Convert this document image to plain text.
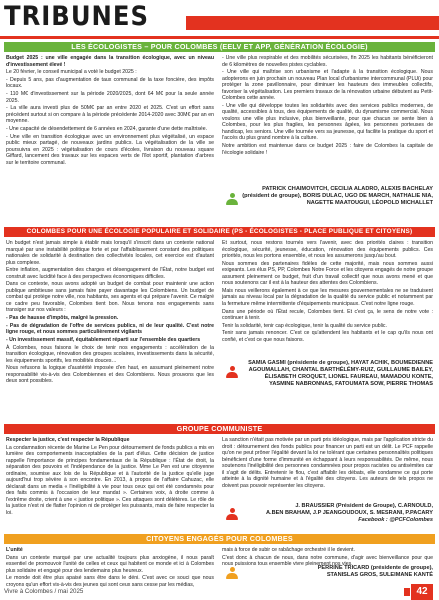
TRIBUNES
LES ÉCOLOGISTES – POUR COLOMBES (EELV ET APP, GÉNÉRATION ÉCOLOGIE)

Budget 2025 : une ville engagée dans la transition écologique, avec un niveau d'investissement élevé !

Le 20 février, le conseil municipal a voté le budget 2025 :

- Depuis 5 ans, pas d'augmentation de taux communal de la taxe foncière, des impôts locaux.

- 110 M€ d'investissement sur la période 2020/2025, dont 64 M€ pour la seule année 2025.

- La ville aura investi plus de 50M€ par an entre 2020 et 2025. C'est un effort sans précédent surtout si on compare à la période précédente 2014-2020 avec 30M€ par an en moyenne.

- Une capacité de désendettement de 6 années en 2024, garante d'une dette maîtrisée.

- Une ville en transition écologique avec un environnement plus végétalisé, un espace public mieux partagé, de nouveaux jardins publics. La végétalisation de la ville se poursuivra en 2025 : végétalisation de cours d'écoles, livraison du nouveau square Giffard, lancement des travaux sur les espaces verts de l'îlot sportif, plantation d'arbres sur le territoire communal.

- Une ville plus respirable et des mobilités sécurisées, fin 2025 les habitants bénéficieront de 6 kilomètres de nouvelles pistes cyclables.

- Une ville qui maîtrise son urbanisme et l'adapte à la transition écologique. Nous adopterons en juin prochain un nouveau Plan local d'urbanisme intercommunal (PLUi) pour protéger la zone pavillonnaire, pour diminuer les hauteurs des immeubles collectifs, favoriser la végétalisation. Les premiers travaux de la rénovation urbaine débutent au Petit-Colombes cette année.

- Une ville qui développe toutes les solidarités avec des services publics modernes, de qualité, accessibles à tous, des équipements de qualité, du dynamisme commercial. Nous voulons une ville plus inclusive, plus bienveillante, pour que chacun se sente bien à Colombes, pour les plus fragiles, les personnes âgées, les personnes porteuses de handicap, les seniors. Une ville tournée vers sa jeunesse, qui facilite la pratique du sport et l'accès du plus grand nombre à la culture.

Notre ambition est maintenue dans ce budget 2025 : faire de Colombes la capitale de l'écologie solidaire !

PATRICK CHAIMOVITCH, CECILIA ALADRO, ALEXIS BACHELAY (président de groupe), BORIS DULAC, UGO DE MARCH, NATHALIE NIA, NAGETTE MAATOUGUI, LÉOPOLD MICHALLET
COLOMBES POUR UNE ÉCOLOGIE POPULAIRE ET SOLIDAIRE (PS - ÉCOLOGISTES - PLACE PUBLIQUE ET CITOYENS)

Un budget n'est jamais simple à établir mais lorsqu'il s'inscrit dans un contexte national marqué par une instabilité politique forte et par l'affaiblissement constant des politiques nationales de solidarité à destination des collectivités locales, cet exercice est d'autant plus complexe.

Entre inflation, augmentation des charges et désengagement de l'État, notre budget est construit avec lucidité face à des perspectives économiques difficiles.

Dans ce contexte, nous avons adopté un budget de combat pour maintenir une action publique ambitieuse sans jamais faire payer davantage les Colombiens. Un budget de combat qui protège notre ville, nos habitants, ses agents et qui prépare l'avenir. Ce malgré ce cadre peu favorable, Colombes tient bon. Nous tenons nos engagements sans transiger sur nos valeurs :

- Pas de hausse d'impôts, malgré la pression.

- Pas de dégradation de l'offre de services publics, ni de leur qualité. C'est notre ligne rouge, et nous sommes particulièrement vigilants

- Un investissement massif, équitablement réparti sur l'ensemble des quartiers

À Colombes, nous faisons le choix de tenir nos engagements : accélération de la transition écologique, rénovation des groupes scolaires, investissements dans la sécurité, les équipements sportifs, les mobilités douces…

Nous refusons la logique d'austérité imposée d'en haut, en assumant pleinement notre responsabilité vis-à-vis des Colombiennes et des Colombiens. Nous prouvons que les deux sont possibles.

Et surtout, nous restons tournés vers l'avenir, avec des priorités claires : transition écologique, sécurité, jeunesse, éducation, rénovation des équipements publics. Ces priorités, nous les portons ensemble, et nous les assumerons jusqu'au bout.

Nous sommes des partenaires fidèles de cette majorité, mais nous sommes aussi exigeants. Les élus PS, PP, Colombes Notre Force et les citoyens engagés de notre groupe assument pleinement ce budget, fruit d'un travail collectif que nous avons mené et que nous soutenons car il est à la hauteur des attentes des Colombiens.

Mais nous veillerons également à ce que les mesures gouvernementales ne se traduisent jamais au niveau local par la dégradation de la qualité du service public et notamment par la fermeture même intermittente d'équipements municipaux. C'est notre ligne rouge.

Dans une période où l'État recule, Colombes tient. Et c'est ça, le sens de notre vote : continuer à tenir.

Tenir la solidarité, tenir cap écologique, tenir la qualité du service public.

Tenir sans jamais renoncer. C'est ce qu'attendent les habitants et le cap qu'ils nous ont confié, et c'est ce que nous faisons.

SAMIA GASMI (présidente de groupe), HAYAT ACHIK, BOUMEDIENNE AGOUMALLAH, CHANTAL BARTHÉLÉMY-RUIZ, GUILLAUME BAILEY, ÉLISABETH CROQUET, LIONEL FAUREAU, MAMADOU KONTE, YASMINE NABRONNAS, FATOUMATA SOW, PIERRE THOMAS
GROUPE COMMUNISTE

Respecter la justice, c'est respecter la République

La condamnation récente de Marine Le Pen pour détournement de fonds publics a mis en lumière des comportements inacceptables de la part d'élus. Cette décision de justice rappelle l'importance de principes fondamentaux de la République : l'État de droit, la séparation des pouvoirs et l'indépendance de la justice. Mme Le Pen est une citoyenne ordinaire, soumise aux lois de la République et à l'autorité de la justice qu'elle juge aujourd'hui trop sévère à son encontre. En 2013, à propos de l'affaire Cahuzac, elle déclarait dans un media « l'inéligibilité à vie pour tous ceux qui ont été condamnés pour des faits commis à l'occasion de leur mandat ». Certaines voix, à droite comme à l'extrême droite, crient à une « justice politique ». Ces attaques sont délétères. Le rôle de la justice n'est ni de flatter l'opinion ni de protéger les puissants, mais de faire respecter la loi.

La sanction n'était pas motivée par un parti pris idéologique, mais par l'application stricte du droit : détournement des fonds publics pour financer un parti est un délit. Le PCF rappelle qu'on ne peut prôner l'égalité devant la loi ne tolérant que certaines personnalités politiques bénéficient d'une forme d'immunité en échappant à leurs responsabilités. De même, nous soutenons l'inéligibilité des personnes condamnées pour propos racistes ou antisémites car il s'agit de délits. Entretenir le flou, c'est affaiblir les débats, elle condamne ce qui porte atteinte à la dignité humaine et à l'égalité des citoyens. Les auteurs de tels propos ne doivent pas pouvoir représenter les citoyens.

J. BRAUSSIER (Président de Groupe), C.ARNOULD,
A.BEN BRAHAM, J.P JEANGOUDOUX, S. MESRANI, P.PACARY
Facebook : @PCFColombes
CITOYENS ENGAGÉS POUR COLOMBES

L'unité

Dans un contexte marqué par une actualité toujours plus anxiogène, il nous paraît essentiel de promouvoir l'unité de celles et ceux qui habitent ce monde et ici à Colombes plus solidaire et engagé pour des lendemains plus heureux.

Le monde doit être plus apaisé sans être dans le déni. C'est avec ce souci que nous croyons qu'un effort vis-à-vis des jeunes qui sont ceux sans cesse par les médias,

mais à force de subir ce rabâchage orchestré il le devient.

C'est donc à chacun de nous, dans notre commune, d'agir avec bienveillance pour que nous puissions tous ensemble vivre pleinement nos vies.

PERRINE TRICARD (présidente de groupe),
STANISLAS GROS, SULEIMANE KANTÉ
Vivre à Colombes / mai 2025	42
